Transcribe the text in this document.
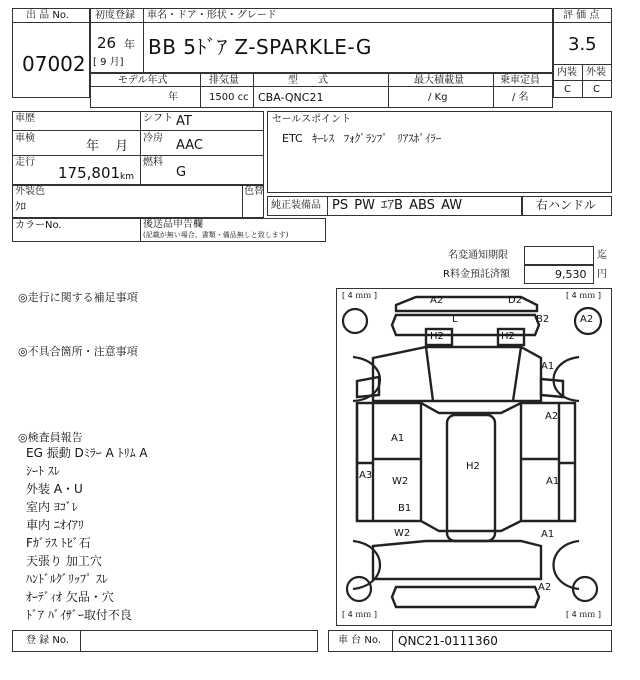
出 品 No.
07002
初度登録 車名・ドア・形状・グレード
26 年
[ 9 月]
BB 5ﾄﾞｱ Z-SPARKLE-G
評 価 点
3.5
内装 外装
C C
モデル年式	排気量	型　　式	最大積載量	乗車定員
年	1500 cc CBA-QNC21	/ Kg	/ 名
車歴	シフト AT
車検
年 月
冷房 AAC
走行
175,801 km
燃料
G
セールスポイント
ETC ｷｰﾚｽ ﾌｫｸﾞﾗﾝﾌﾟ ﾘｱｽﾎﾟｲﾗｰ
外装色
ｸﾛ
色替
純正装備品 PS PW ｴｱB ABS AW	右ハンドル
カラーNo.	後送品申告欄
(記載が無い場合、書類・備品無しと致します)
名変通知期限	迄
R料金預託済額	9,530 円
◎走行に関する補足事項
◎不具合箇所・注意事項
◎検査員報告
EG 振動 Dﾐﾗｰ A ﾄﾘﾑ A
ｼｰﾄ ｽﾚ
外装 A・U
室内 ﾖｺﾞﾚ
車内 ﾆｵｲｱﾘ
Fｶﾞﾗｽ ﾄﾋﾞ石
天張り 加工穴
ﾊﾝﾄﾞﾙｸﾞﾘｯﾌﾟ ｽﾚ
ｵｰﾃﾞｨｵ 欠品・穴
ﾄﾞｱ ﾊﾞｲｻﾞｰ取付不良
[ 4 ｍｍ ]	[ 4 ｍｍ ]
[ 4 ｍｍ ]	[ 4 ｍｍ ]
A2	D2
L	B2	A2
H2	H2
A1
A2
A1
H2
A3
W2	A1
B1
W2	A1
A2
登 録 No.	車 台 No. QNC21-0111360
